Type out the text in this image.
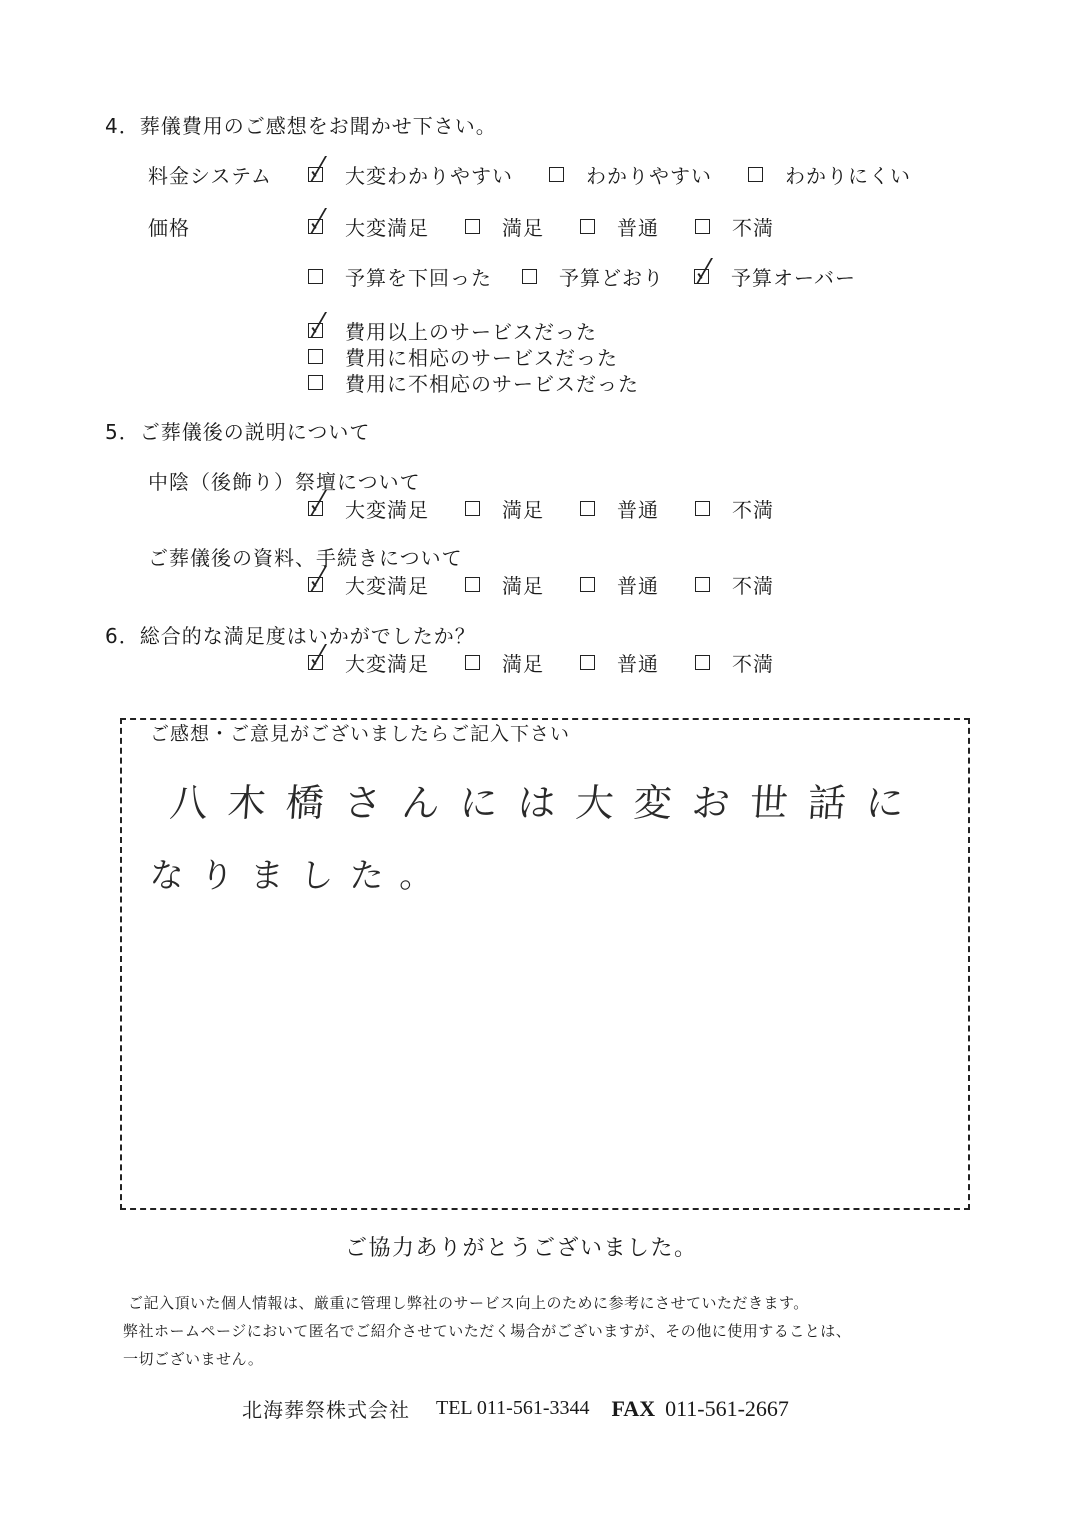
4．葬儀費用のご感想をお聞かせ下さい。
料金システム	大変わかりやすい	わかりやすい	わかりにくい
価格	大変満足	満足	普通	不満
予算を下回った	予算どおり	予算オーバー
費用以上のサービスだった
費用に相応のサービスだった
費用に不相応のサービスだった
5．ご葬儀後の説明について
中陰（後飾り）祭壇について
大変満足	満足	普通	不満
ご葬儀後の資料、手続きについて
大変満足	満足	普通	不満
6．総合的な満足度はいかがでしたか？
大変満足	満足	普通	不満
ご感想・ご意見がございましたらご記入下さい
八木橋さんには大変お世話に
なりました。
ご協力ありがとうございました。
ご記入頂いた個人情報は、厳重に管理し弊社のサービス向上のために参考にさせていただきます。
弊社ホームページにおいて匿名でご紹介させていただく場合がございますが、その他に使用することは、
一切ございません。
北海葬祭株式会社 TEL 011-561-3344 FAX 011-561-2667
